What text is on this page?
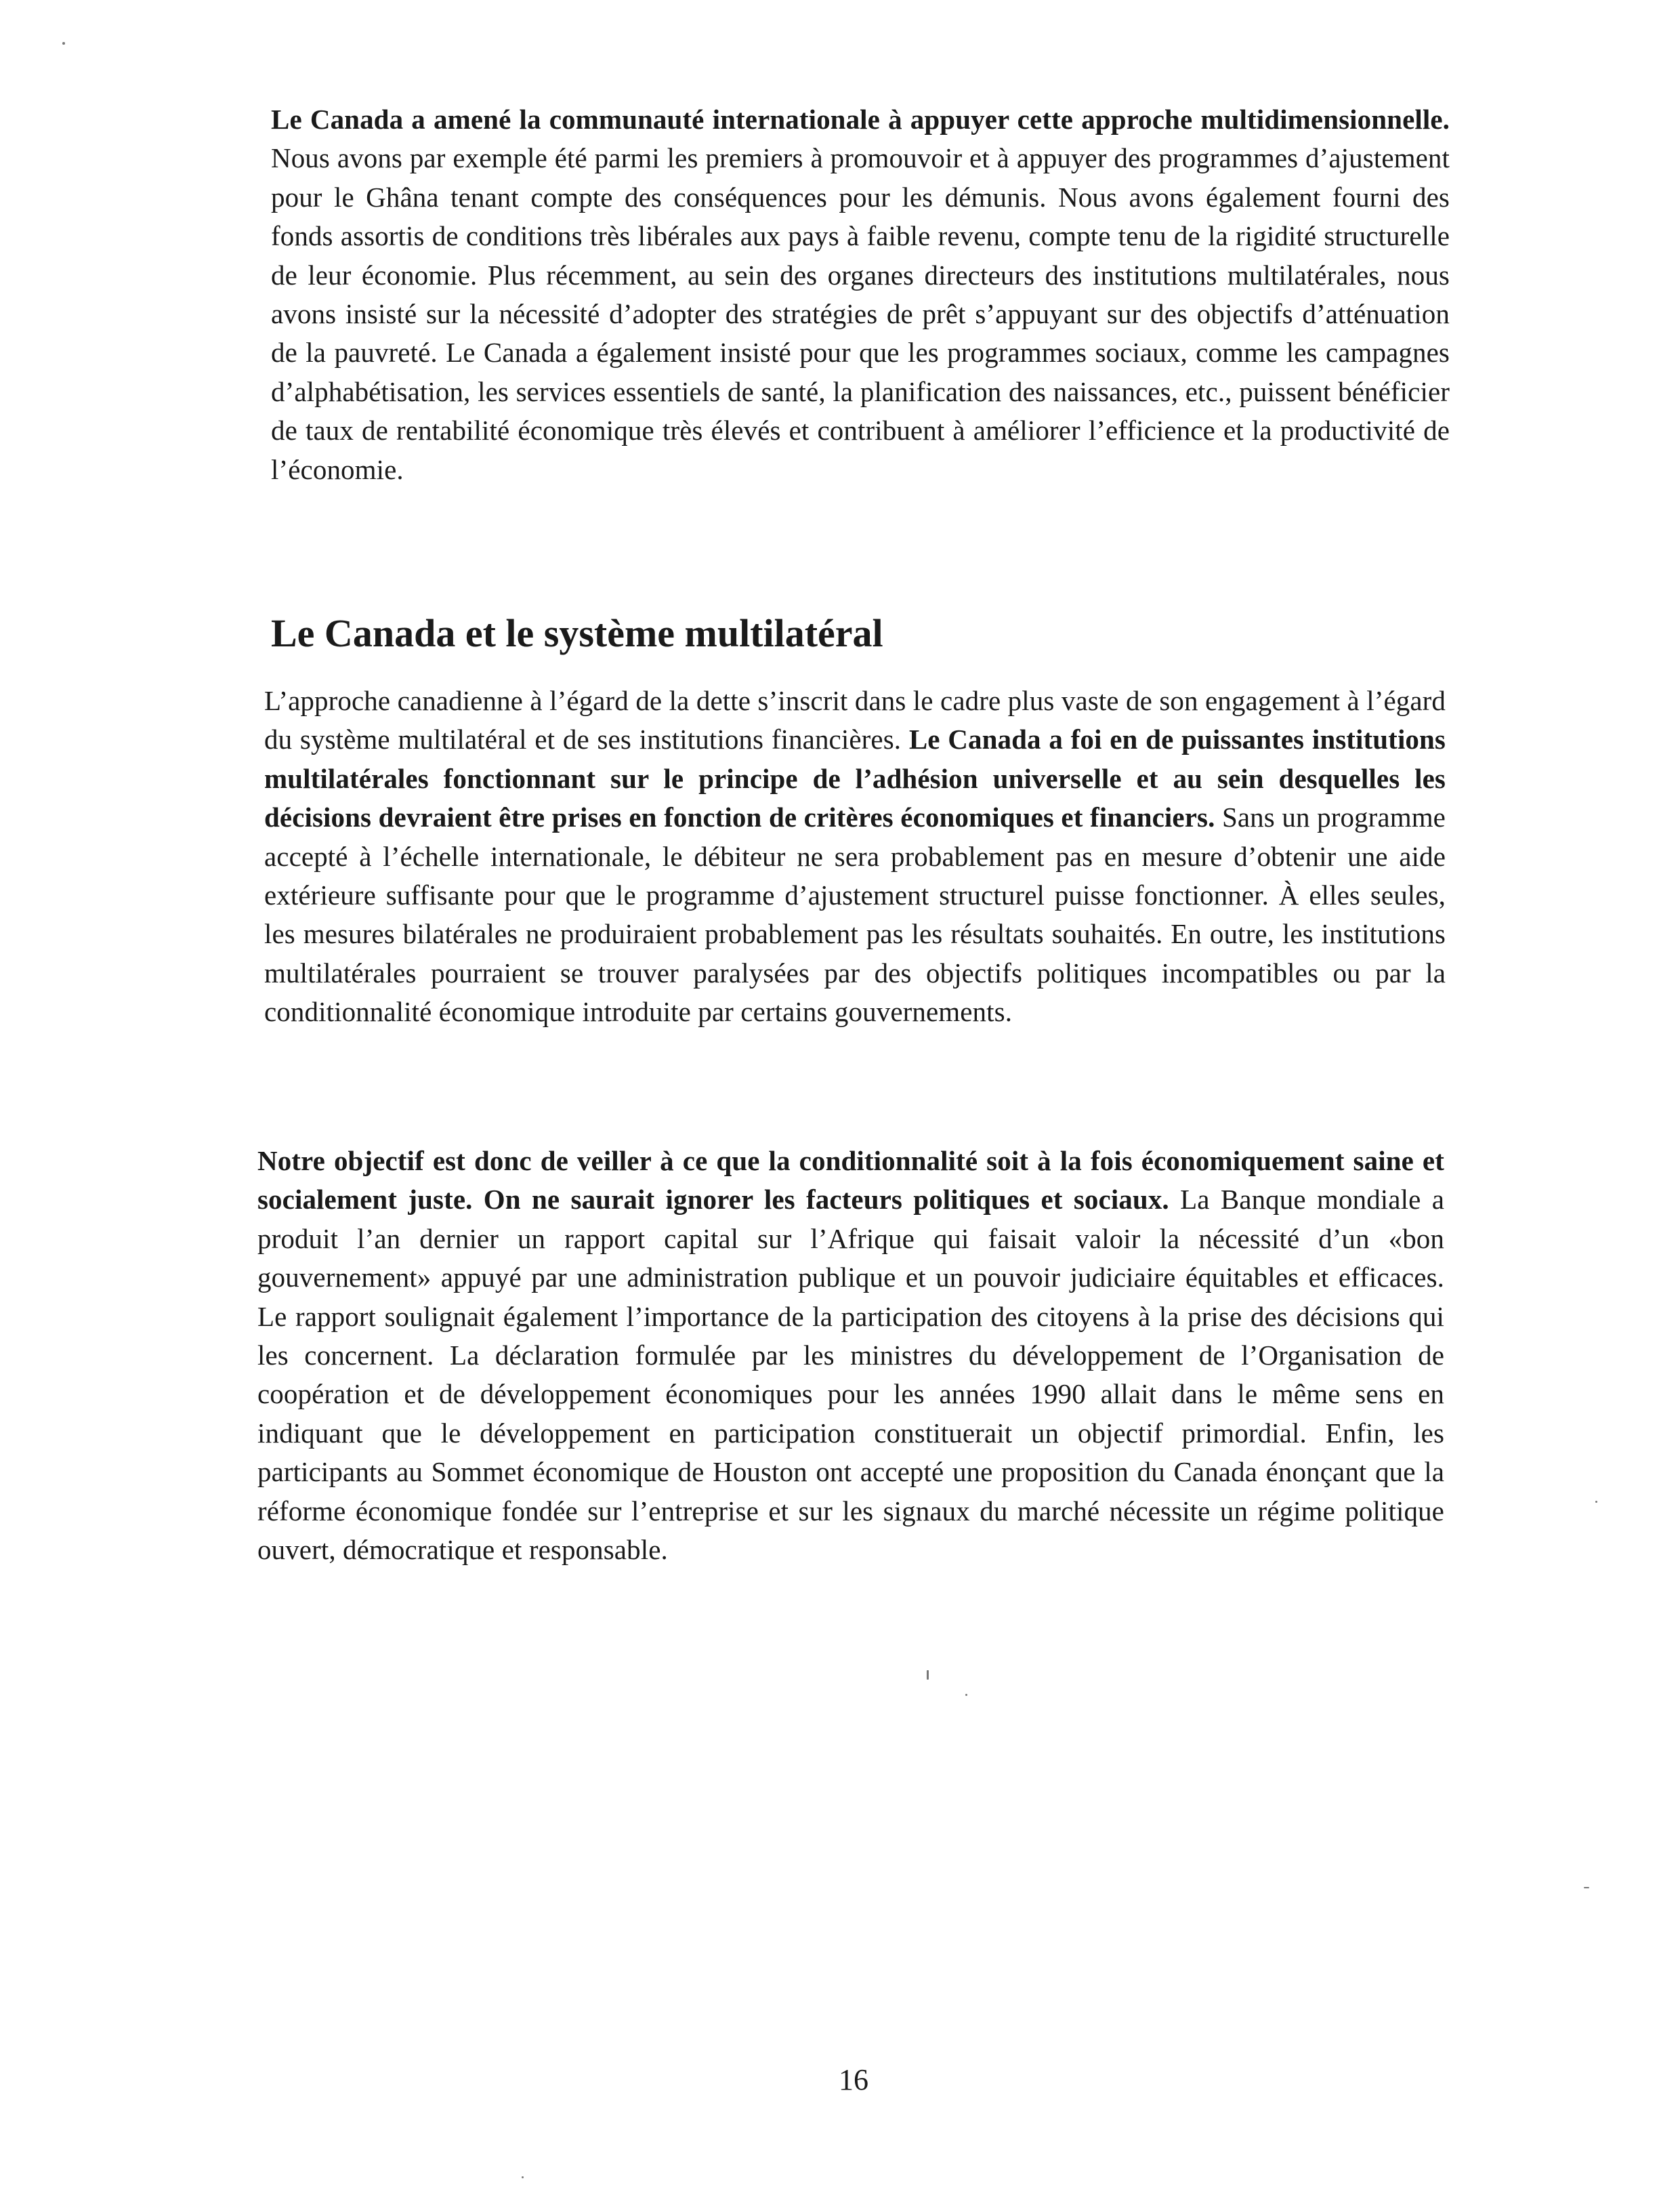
Le Canada a amené la communauté internationale à appuyer cette approche multidimensionnelle. Nous avons par exemple été parmi les premiers à promouvoir et à appuyer des programmes d’ajustement pour le Ghâna tenant compte des conséquences pour les démunis. Nous avons également fourni des fonds assortis de conditions très libérales aux pays à faible revenu, compte tenu de la rigidité structurelle de leur économie. Plus récemment, au sein des organes directeurs des institutions multilatérales, nous avons insisté sur la nécessité d’adopter des stratégies de prêt s’appuyant sur des objectifs d’atténuation de la pauvreté. Le Canada a également insisté pour que les programmes sociaux, comme les campagnes d’alphabétisation, les services essentiels de santé, la planification des naissances, etc., puissent bénéficier de taux de rentabilité économique très élevés et contribuent à améliorer l’efficience et la productivité de l’économie.

Le Canada et le système multilatéral

L’approche canadienne à l’égard de la dette s’inscrit dans le cadre plus vaste de son engagement à l’égard du système multilatéral et de ses institutions financières. Le Canada a foi en de puissantes institutions multilatérales fonctionnant sur le principe de l’adhésion universelle et au sein desquelles les décisions devraient être prises en fonction de critères économiques et financiers. Sans un programme accepté à l’échelle internationale, le débiteur ne sera probablement pas en mesure d’obtenir une aide extérieure suffisante pour que le programme d’ajustement structurel puisse fonctionner. À elles seules, les mesures bilatérales ne produiraient probablement pas les résultats souhaités. En outre, les institutions multilatérales pourraient se trouver paralysées par des objectifs politiques incompatibles ou par la conditionnalité économique introduite par certains gouvernements.

Notre objectif est donc de veiller à ce que la conditionnalité soit à la fois économiquement saine et socialement juste. On ne saurait ignorer les facteurs politiques et sociaux. La Banque mondiale a produit l’an dernier un rapport capital sur l’Afrique qui faisait valoir la nécessité d’un «bon gouvernement» appuyé par une administration publique et un pouvoir judiciaire équitables et efficaces. Le rapport soulignait également l’importance de la participation des citoyens à la prise des décisions qui les concernent. La déclaration formulée par les ministres du développement de l’Organisation de coopération et de développement économiques pour les années 1990 allait dans le même sens en indiquant que le développement en participation constituerait un objectif primordial. Enfin, les participants au Sommet économique de Houston ont accepté une proposition du Canada énonçant que la réforme économique fondée sur l’entreprise et sur les signaux du marché nécessite un régime politique ouvert, démocratique et responsable.

16
